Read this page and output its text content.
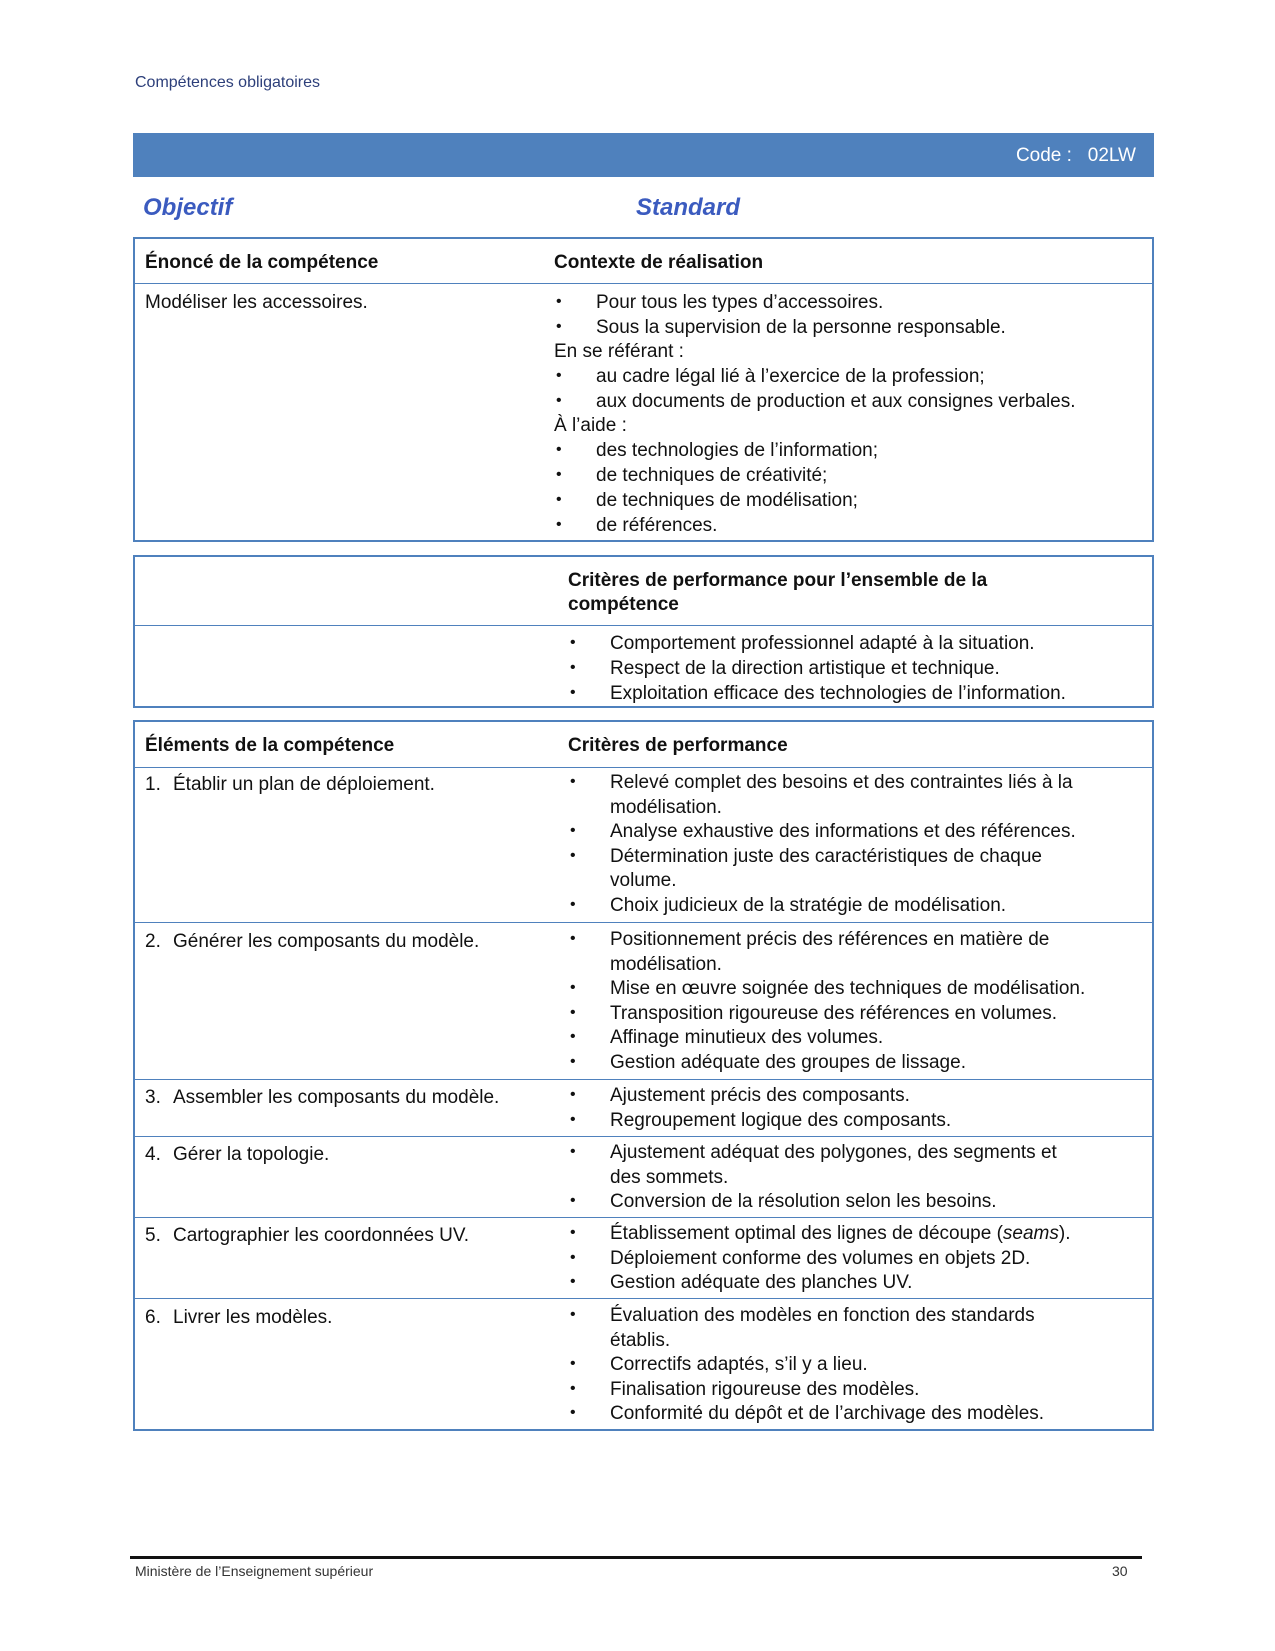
Compétences obligatoires
Code : 02LW
Objectif	Standard
Énoncé de la compétence	Contexte de réalisation
Modéliser les accessoires.	• Pour tous les types d’accessoires.
• Sous la supervision de la personne responsable.
En se référant :
• au cadre légal lié à l’exercice de la profession;
• aux documents de production et aux consignes verbales.
À l’aide :
• des technologies de l’information;
• de techniques de créativité;
• de techniques de modélisation;
• de références.
Critères de performance pour l’ensemble de la
compétence
• Comportement professionnel adapté à la situation.
• Respect de la direction artistique et technique.
• Exploitation efficace des technologies de l’information.
Éléments de la compétence	Critères de performance
1. Établir un plan de déploiement.	• Relevé complet des besoins et des contraintes liés à la
modélisation.
• Analyse exhaustive des informations et des références.
• Détermination juste des caractéristiques de chaque
volume.
• Choix judicieux de la stratégie de modélisation.
2. Générer les composants du modèle.	• Positionnement précis des références en matière de
modélisation.
• Mise en œuvre soignée des techniques de modélisation.
• Transposition rigoureuse des références en volumes.
• Affinage minutieux des volumes.
• Gestion adéquate des groupes de lissage.
3. Assembler les composants du modèle.	• Ajustement précis des composants.
• Regroupement logique des composants.
4. Gérer la topologie.	• Ajustement adéquat des polygones, des segments et
des sommets.
• Conversion de la résolution selon les besoins.
5. Cartographier les coordonnées UV.	• Établissement optimal des lignes de découpe (seams).
• Déploiement conforme des volumes en objets 2D.
• Gestion adéquate des planches UV.
6. Livrer les modèles.	• Évaluation des modèles en fonction des standards
établis.
• Correctifs adaptés, s’il y a lieu.
• Finalisation rigoureuse des modèles.
• Conformité du dépôt et de l’archivage des modèles.
Ministère de l’Enseignement supérieur	30
